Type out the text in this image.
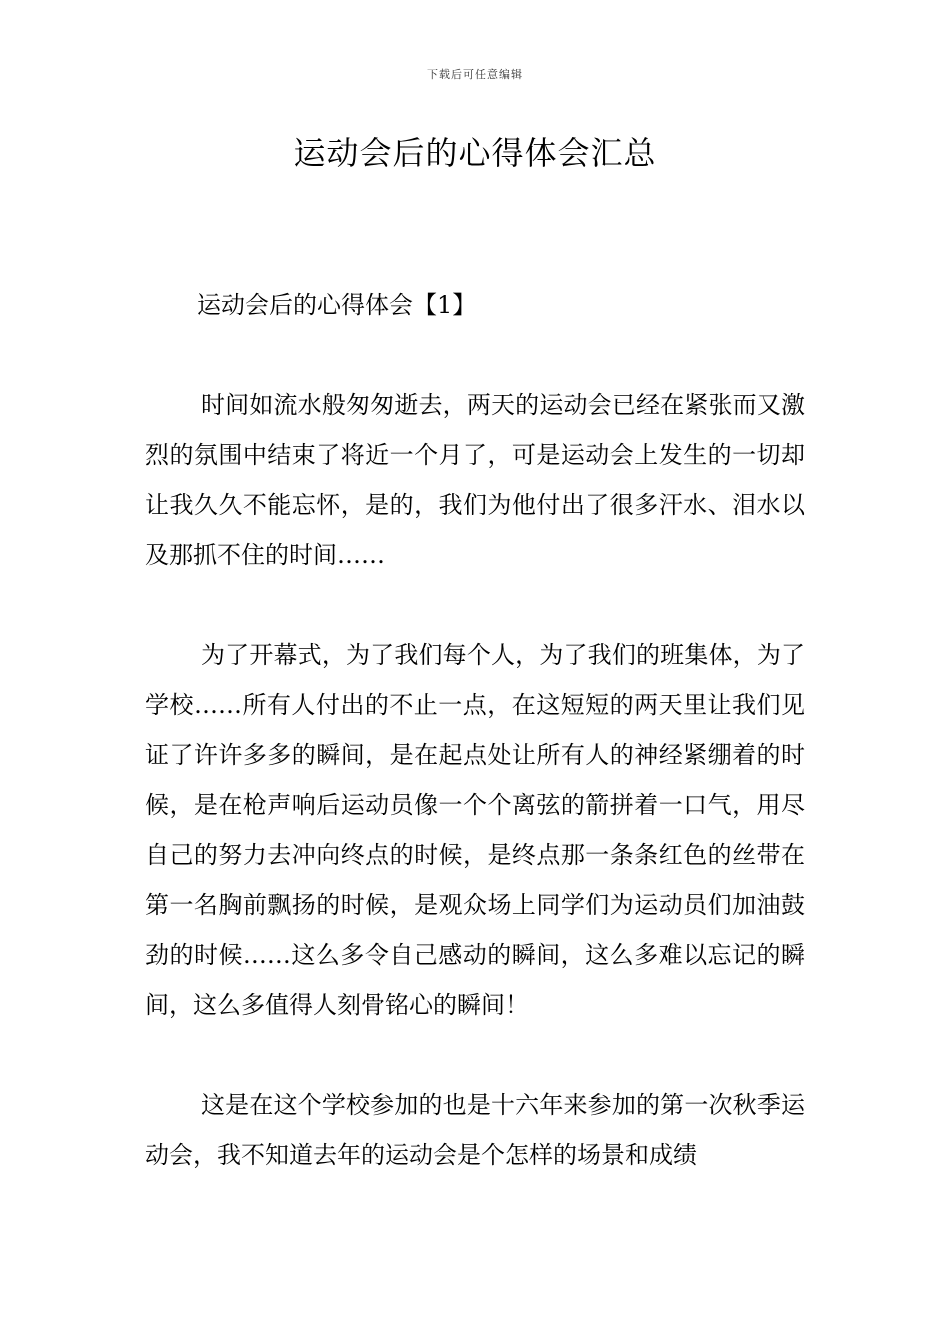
下载后可任意编辑
运动会后的心得体会汇总
运动会后的心得体会【1】

时间如流水般匆匆逝去，两天的运动会已经在紧张而又激烈的氛围中结束了将近一个月了，可是运动会上发生的一切却让我久久不能忘怀，是的，我们为他付出了很多汗水、泪水以及那抓不住的时间……

为了开幕式，为了我们每个人，为了我们的班集体，为了学校……所有人付出的不止一点，在这短短的两天里让我们见证了许许多多的瞬间，是在起点处让所有人的神经紧绷着的时候，是在枪声响后运动员像一个个离弦的箭拼着一口气，用尽自己的努力去冲向终点的时候，是终点那一条条红色的丝带在第一名胸前飘扬的时候，是观众场上同学们为运动员们加油鼓劲的时候……这么多令自己感动的瞬间，这么多难以忘记的瞬间，这么多值得人刻骨铭心的瞬间！

这是在这个学校参加的也是十六年来参加的第一次秋季运动会，我不知道去年的运动会是个怎样的场景和成绩
